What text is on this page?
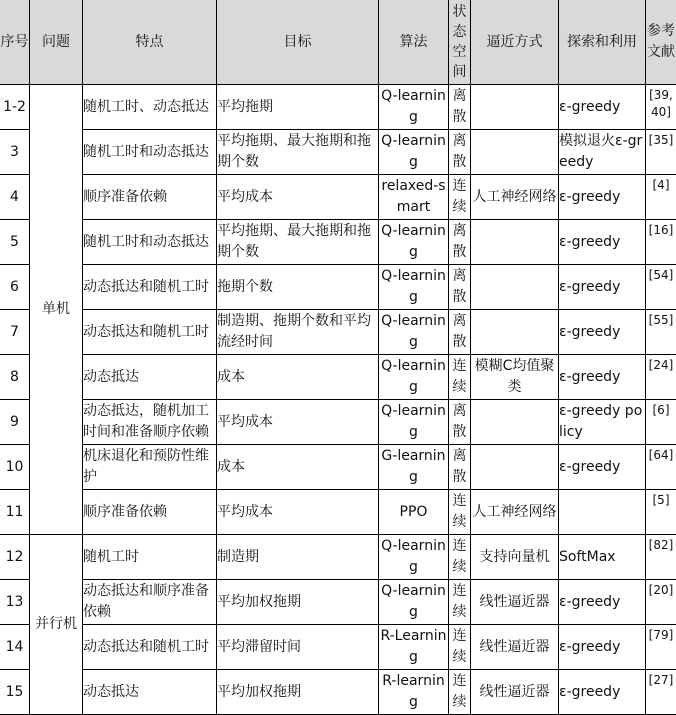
序号	问题	特点	目标	算法	状态空间	逼近方式	探索和利用	参考文献
1-2	单机	随机工时、动态抵达	平均拖期	Q-learning	离散		ε-greedy	[39, 40]
3		随机工时和动态抵达	平均拖期、最大拖期和拖期个数	Q-learning	离散		模拟退火ε-greedy	[35]
4		顺序准备依赖	平均成本	relaxed-smart	连续	人工神经网络	ε-greedy	[4]
5		随机工时和动态抵达	平均拖期、最大拖期和拖期个数	Q-learning	离散		ε-greedy	[16]
6		动态抵达和随机工时	拖期个数	Q-learning	离散		ε-greedy	[54]
7		动态抵达和随机工时	制造期、拖期个数和平均流经时间	Q-learning	离散		ε-greedy	[55]
8		动态抵达	成本	Q-learning	连续	模糊C均值聚类	ε-greedy	[24]
9		动态抵达，随机加工时间和准备顺序依赖	平均成本	Q-learning	离散		ε-greedy policy	[6]
10		机床退化和预防性维护	成本	G-learning	离散		ε-greedy	[64]
11		顺序准备依赖	平均成本	PPO	连续	人工神经网络		[5]
12	并行机	随机工时	制造期	Q-learning	连续	支持向量机	SoftMax	[82]
13		动态抵达和顺序准备依赖	平均加权拖期	Q-learning	连续	线性逼近器	ε-greedy	[20]
14		动态抵达和随机工时	平均滞留时间	R-Learning	连续	线性逼近器	ε-greedy	[79]
15		动态抵达	平均加权拖期	R-learning	连续	线性逼近器	ε-greedy	[27]
